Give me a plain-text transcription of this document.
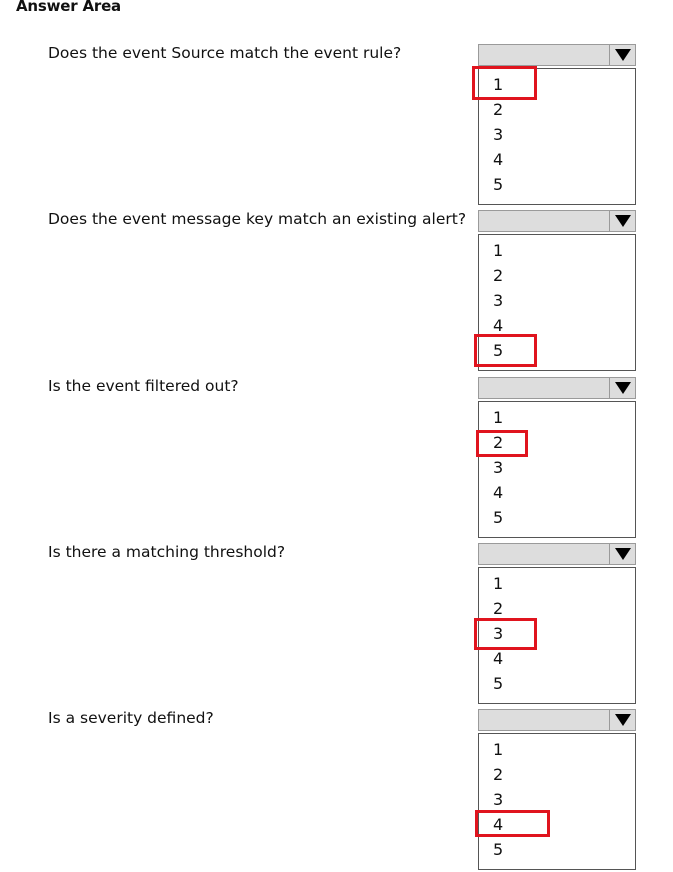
Answer Area
Does the event Source match the event rule?
1
2
3
4
5
Does the event message key match an existing alert?
1
2
3
4
5
Is the event filtered out?
1
2
3
4
5
Is there a matching threshold?
1
2
3
4
5
Is a severity defined?
1
2
3
4
5
